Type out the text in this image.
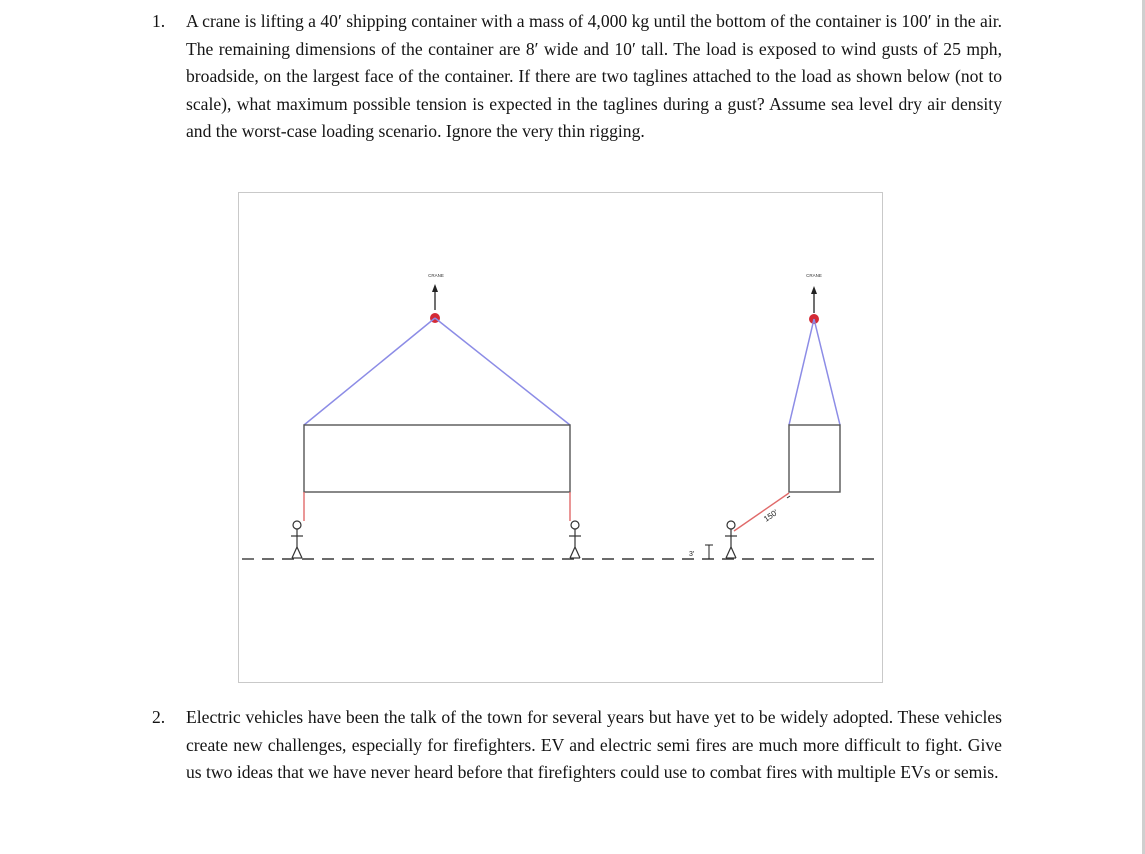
1. A crane is lifting a 40′ shipping container with a mass of 4,000 kg until the bottom of the container is 100′ in the air. The remaining dimensions of the container are 8′ wide and 10′ tall. The load is exposed to wind gusts of 25 mph, broadside, on the largest face of the container. If there are two taglines attached to the load as shown below (not to scale), what maximum possible tension is expected in the taglines during a gust? Assume sea level dry air density and the worst-case loading scenario. Ignore the very thin rigging.
CRANE	CRANE
150′
3′
2. Electric vehicles have been the talk of the town for several years but have yet to be widely adopted. These vehicles create new challenges, especially for firefighters. EV and electric semi fires are much more difficult to fight. Give us two ideas that we have never heard before that firefighters could use to combat fires with multiple EVs or semis.
